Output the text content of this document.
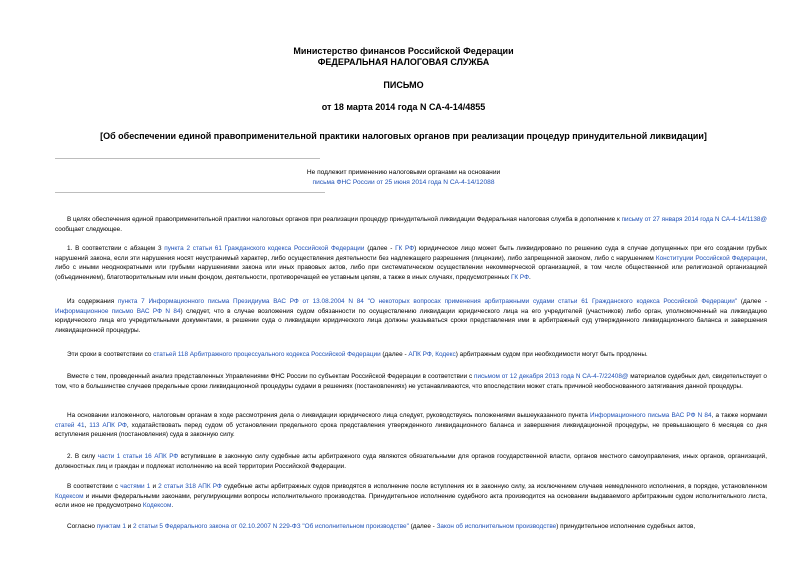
Министерство финансов Российской Федерации
ФЕДЕРАЛЬНАЯ НАЛОГОВАЯ СЛУЖБА
ПИСЬМО
от 18 марта 2014 года N СА-4-14/4855
[Об обеспечении единой правоприменительной практики налоговых органов при реализации процедур принудительной ликвидации]
Не подлежит применению налоговыми органами на основании
письма ФНС России от 25 июня 2014 года N СА-4-14/12088

В целях обеспечения единой правоприменительной практики налоговых органов при реализации процедур принудительной ликвидации Федеральная налоговая служба в дополнение к письму от 27 января 2014 года N СА-4-14/1138@ сообщает следующее.

1. В соответствии с абзацем 3 пункта 2 статьи 61 Гражданского кодекса Российской Федерации (далее - ГК РФ) юридическое лицо может быть ликвидировано по решению суда в случае допущенных при его создании грубых нарушений закона, если эти нарушения носят неустранимый характер, либо осуществления деятельности без надлежащего разрешения (лицензии), либо запрещенной законом, либо с нарушением Конституции Российской Федерации, либо с иными неоднократными или грубыми нарушениями закона или иных правовых актов, либо при систематическом осуществлении некоммерческой организацией, в том числе общественной или религиозной организацией (объединением), благотворительным или иным фондом, деятельности, противоречащей ее уставным целям, а также в иных случаях, предусмотренных ГК РФ.

Из содержания пункта 7 Информационного письма Президиума ВАС РФ от 13.08.2004 N 84 "О некоторых вопросах применения арбитражными судами статьи 61 Гражданского кодекса Российской Федерации" (далее - Информационное письмо ВАС РФ N 84) следует, что в случае возложения судом обязанности по осуществлению ликвидации юридического лица на его учредителей (участников) либо орган, уполномоченный на ликвидацию юридического лица его учредительными документами, в решении суда о ликвидации юридического лица должны указываться сроки представления ими в арбитражный суд утвержденного ликвидационного баланса и завершения ликвидационной процедуры.

Эти сроки в соответствии со статьей 118 Арбитражного процессуального кодекса Российской Федерации (далее - АПК РФ, Кодекс) арбитражным судом при необходимости могут быть продлены.

Вместе с тем, проведенный анализ представленных Управлениями ФНС России по субъектам Российской Федерации в соответствии с письмом от 12 декабря 2013 года N СА-4-7/22408@ материалов судебных дел, свидетельствует о том, что в большинстве случаев предельные сроки ликвидационной процедуры судами в решениях (постановлениях) не устанавливаются, что впоследствии может стать причиной необоснованного затягивания данной процедуры.

На основании изложенного, налоговым органам в ходе рассмотрения дела о ликвидации юридического лица следует, руководствуясь положениями вышеуказанного пункта Информационного письма ВАС РФ N 84, а также нормами статей 41, 113 АПК РФ, ходатайствовать перед судом об установлении предельного срока представления утвержденного ликвидационного баланса и завершения ликвидационной процедуры, не превышающего 6 месяцев со дня вступления решения (постановления) суда в законную силу.

2. В силу части 1 статьи 16 АПК РФ вступившие в законную силу судебные акты арбитражного суда являются обязательными для органов государственной власти, органов местного самоуправления, иных органов, организаций, должностных лиц и граждан и подлежат исполнению на всей территории Российской Федерации.

В соответствии с частями 1 и 2 статьи 318 АПК РФ судебные акты арбитражных судов приводятся в исполнение после вступления их в законную силу, за исключением случаев немедленного исполнения, в порядке, установленном Кодексом и иными федеральными законами, регулирующими вопросы исполнительного производства. Принудительное исполнение судебного акта производится на основании выдаваемого арбитражным судом исполнительного листа, если иное не предусмотрено Кодексом.

Согласно пунктам 1 и 2 статьи 5 Федерального закона от 02.10.2007 N 229-ФЗ "Об исполнительном производстве" (далее - Закон об исполнительном производстве) принудительное исполнение судебных актов,
